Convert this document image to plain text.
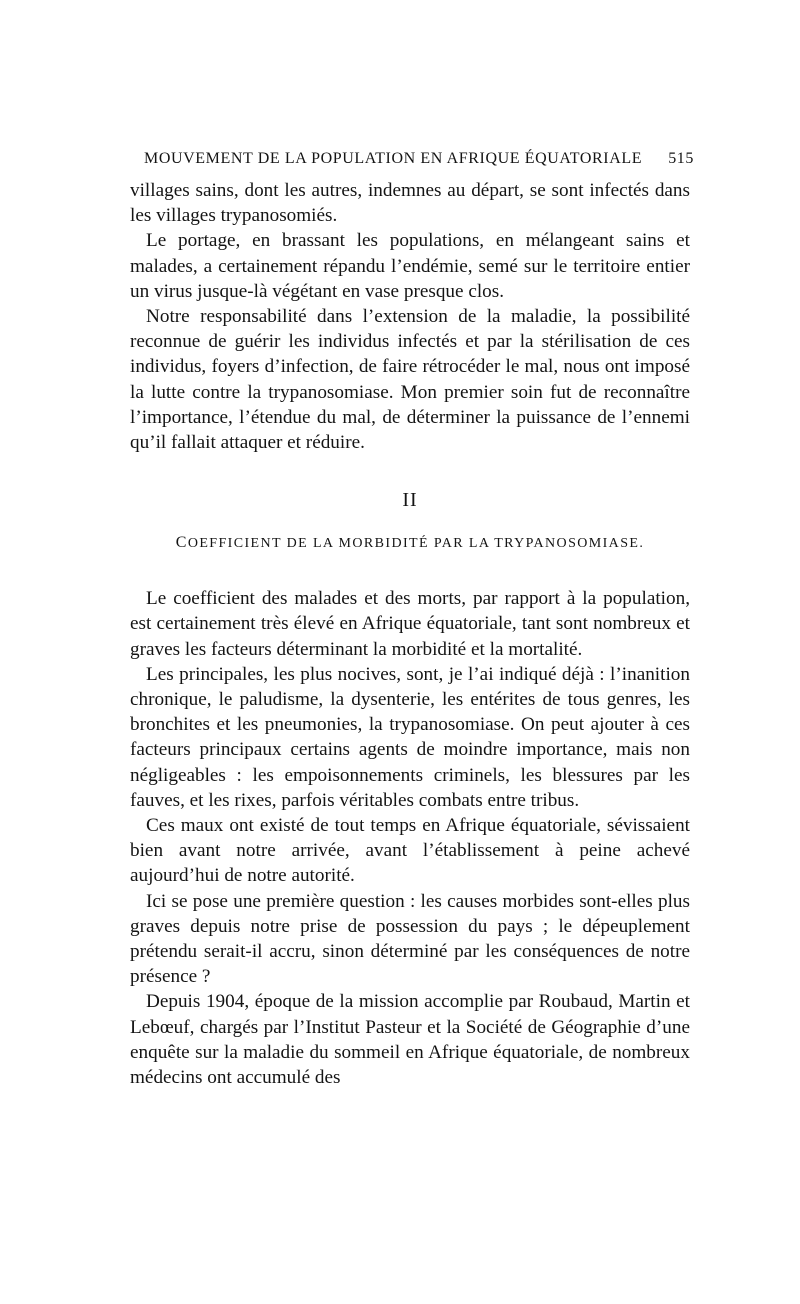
MOUVEMENT DE LA POPULATION EN AFRIQUE ÉQUATORIALE 515

villages sains, dont les autres, indemnes au départ, se sont infectés dans les villages trypanosomiés.

Le portage, en brassant les populations, en mélangeant sains et malades, a certainement répandu l’endémie, semé sur le territoire entier un virus jusque-là végétant en vase presque clos.

Notre responsabilité dans l’extension de la maladie, la possibilité reconnue de guérir les individus infectés et par la stérilisation de ces individus, foyers d’infection, de faire rétrocéder le mal, nous ont imposé la lutte contre la trypanosomiase. Mon premier soin fut de reconnaître l’importance, l’étendue du mal, de déterminer la puissance de l’ennemi qu’il fallait attaquer et réduire.

II
COEFFICIENT DE LA MORBIDITÉ PAR LA TRYPANOSOMIASE.

Le coefficient des malades et des morts, par rapport à la population, est certainement très élevé en Afrique équatoriale, tant sont nombreux et graves les facteurs déterminant la morbidité et la mortalité.

Les principales, les plus nocives, sont, je l’ai indiqué déjà : l’inanition chronique, le paludisme, la dysenterie, les entérites de tous genres, les bronchites et les pneumonies, la trypanosomiase. On peut ajouter à ces facteurs principaux certains agents de moindre importance, mais non négligeables : les empoisonnements criminels, les blessures par les fauves, et les rixes, parfois véritables combats entre tribus.

Ces maux ont existé de tout temps en Afrique équatoriale, sévissaient bien avant notre arrivée, avant l’établissement à peine achevé aujourd’hui de notre autorité.

Ici se pose une première question : les causes morbides sont-elles plus graves depuis notre prise de possession du pays ; le dépeuplement prétendu serait-il accru, sinon déterminé par les conséquences de notre présence ?

Depuis 1904, époque de la mission accomplie par Roubaud, Martin et Lebœuf, chargés par l’Institut Pasteur et la Société de Géographie d’une enquête sur la maladie du sommeil en Afrique équatoriale, de nombreux médecins ont accumulé des
